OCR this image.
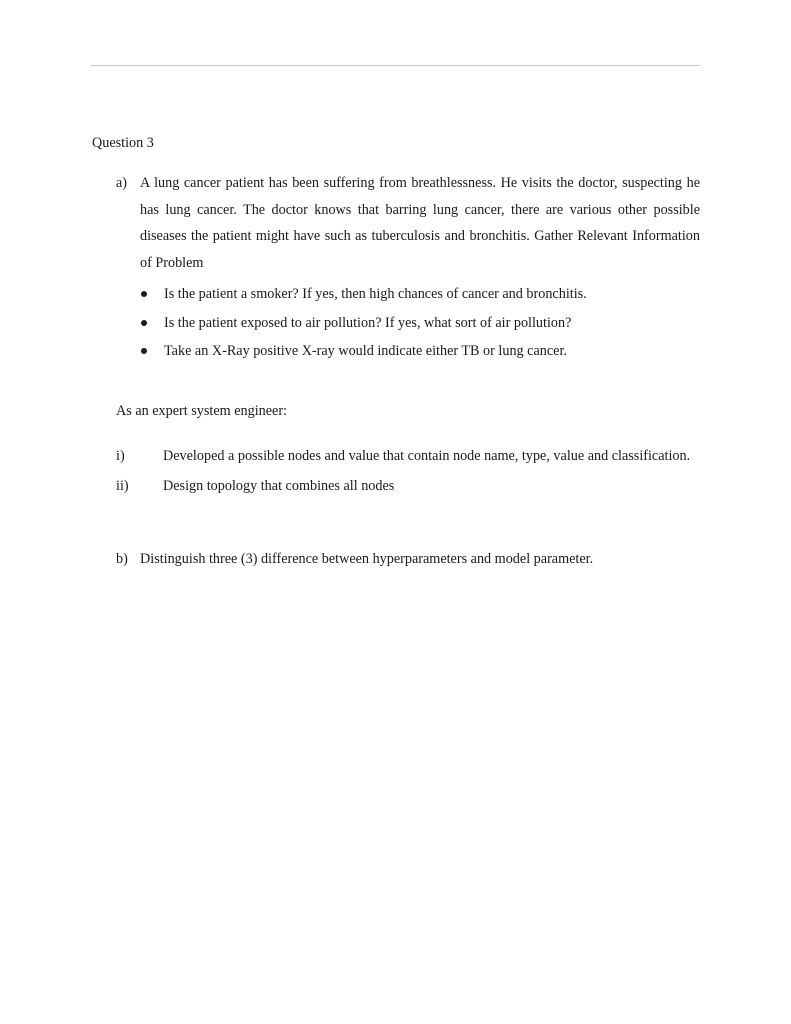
Question 3
a) A lung cancer patient has been suffering from breathlessness. He visits the doctor, suspecting he has lung cancer. The doctor knows that barring lung cancer, there are various other possible diseases the patient might have such as tuberculosis and bronchitis. Gather Relevant Information of Problem
Is the patient a smoker? If yes, then high chances of cancer and bronchitis.
Is the patient exposed to air pollution? If yes, what sort of air pollution?
Take an X-Ray positive X-ray would indicate either TB or lung cancer.
As an expert system engineer:
i)	Developed a possible nodes and value that contain node name, type, value and classification.
ii) Design topology that combines all nodes
b) Distinguish three (3) difference between hyperparameters and model parameter.
